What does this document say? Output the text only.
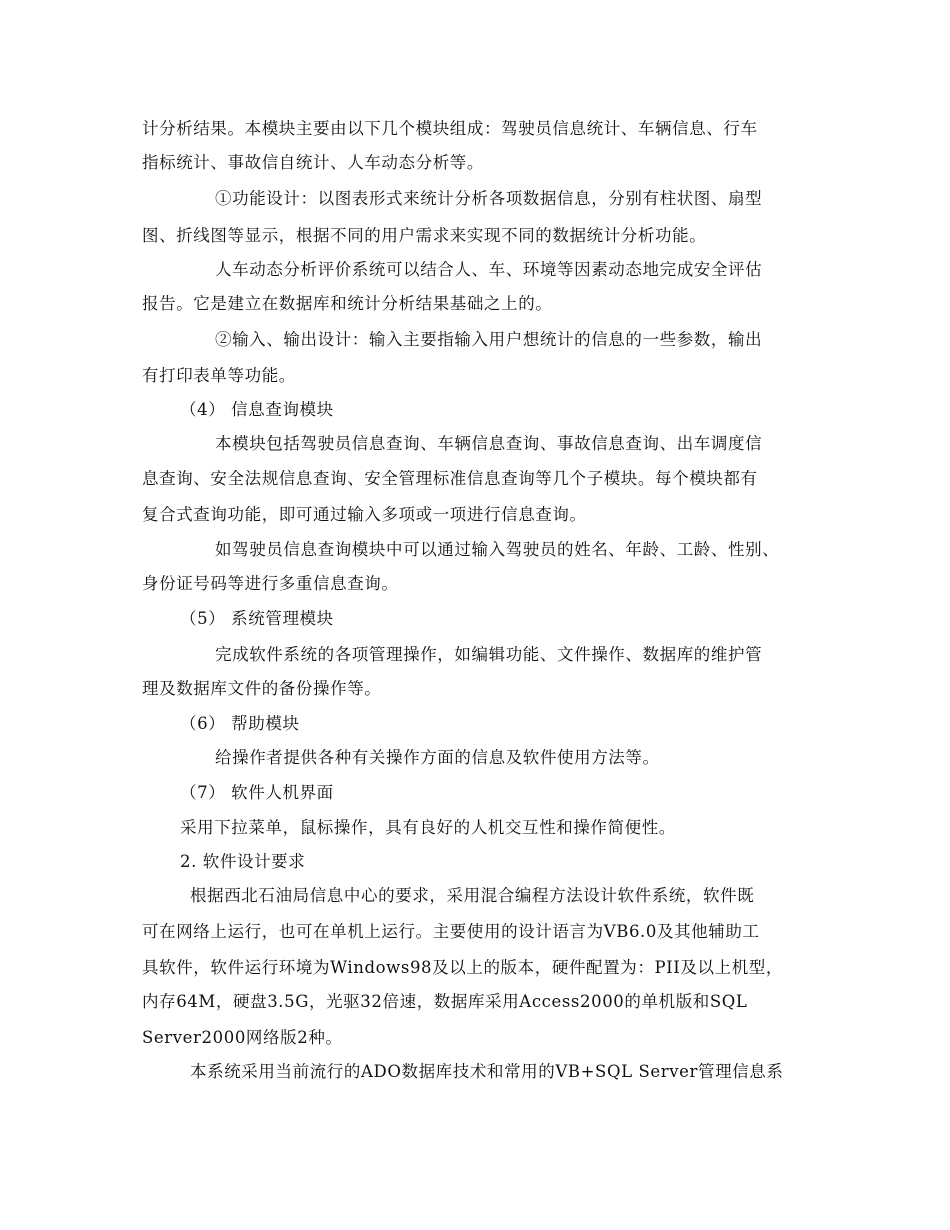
计分析结果。本模块主要由以下几个模块组成：驾驶员信息统计、车辆信息、行车
指标统计、事故信自统计、人车动态分析等。
①功能设计：以图表形式来统计分析各项数据信息，分别有柱状图、扇型
图、折线图等显示，根据不同的用户需求来实现不同的数据统计分析功能。
人车动态分析评价系统可以结合人、车、环境等因素动态地完成安全评估
报告。它是建立在数据库和统计分析结果基础之上的。
②输入、输出设计：输入主要指输入用户想统计的信息的一些参数，输出
有打印表单等功能。
（4） 信息查询模块
本模块包括驾驶员信息查询、车辆信息查询、事故信息查询、出车调度信
息查询、安全法规信息查询、安全管理标准信息查询等几个子模块。每个模块都有
复合式查询功能，即可通过输入多项或一项进行信息查询。
如驾驶员信息查询模块中可以通过输入驾驶员的姓名、年龄、工龄、性别、
身份证号码等进行多重信息查询。
（5） 系统管理模块
完成软件系统的各项管理操作，如编辑功能、文件操作、数据库的维护管
理及数据库文件的备份操作等。
（6） 帮助模块
给操作者提供各种有关操作方面的信息及软件使用方法等。
（7） 软件人机界面
采用下拉菜单，鼠标操作，具有良好的人机交互性和操作简便性。
2. 软件设计要求
根据西北石油局信息中心的要求，采用混合编程方法设计软件系统，软件既
可在网络上运行，也可在单机上运行。主要使用的设计语言为VB6.0及其他辅助工
具软件，软件运行环境为Windows98及以上的版本，硬件配置为：PII及以上机型，
内存64M，硬盘3.5G，光驱32倍速，数据库采用Access2000的单机版和SQL
Server2000网络版2种。
本系统采用当前流行的ADO数据库技术和常用的VB+SQL Server管理信息系
